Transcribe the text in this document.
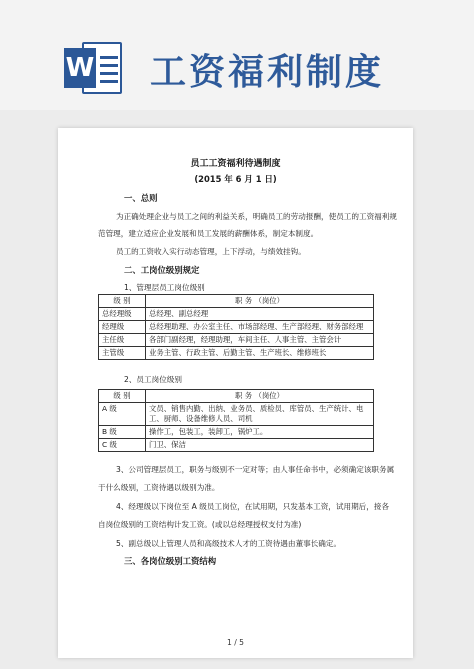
W 工资福利制度
员工工资福利待遇制度
(2015 年 6 月 1 日)
一、总则
为正确处理企业与员工之间的利益关系，明确员工的劳动报酬，使员工的工资福利规
范管理，建立适应企业发展和员工发展的薪酬体系，制定本制度。
员工的工资收入实行动态管理，上下浮动，与绩效挂钩。
二、工岗位级别规定
1、管理层员工岗位级别
级 别	职 务 （岗位）
总经理级	总经理、副总经理
经理级	总经理助理、办公室主任、市场部经理、生产部经理、财务部经理
主任级	各部门副经理，经理助理，车间主任、人事主管、主管会计
主管级	业务主管、行政主管、后勤主管、生产班长、维修班长
2、员工岗位级别
级 别	职 务 （岗位）
A 级	文员、销售内勤、出纳、业务员、质检员、库管员、生产统计、电工、厨师、设备维修人员、司机
B 级	操作工，包装工，装卸工，锅炉工。
C 级	门卫、保洁
3、公司管理层员工，职务与级别不一定对等；由人事任命书中，必须确定该职务属
于什么级别，工资待遇以级别为准。
4、经理级以下岗位至 A 级员工岗位，在试用期，只发基本工资，试用期后，接各
自岗位级别的工资结构计发工资。(或以总经理授权支付为准)
5、副总级以上管理人员和高级技术人才的工资待遇由董事长确定。
三、各岗位级别工资结构
1 / 5
